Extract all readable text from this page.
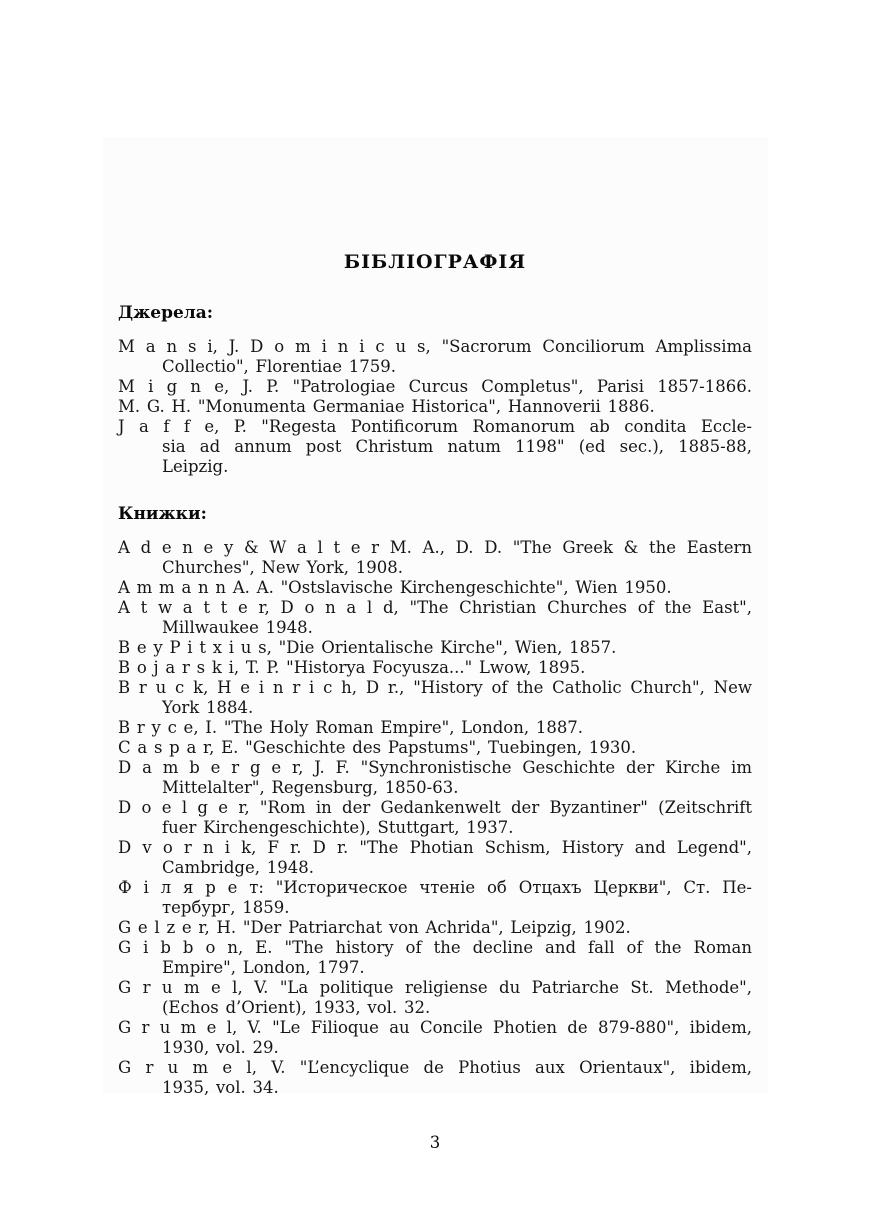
БІБЛІОГРАФІЯ
Джерела:
M a n s i, J. D o m i n i c u s, "Sacrorum Conciliorum Amplissima
Collectio", Florentiae 1759.
M i g n e, J. P. "Patrologiae Curcus Completus", Parisi 1857-1866.
M. G. H. "Monumenta Germaniae Historica", Hannoverii 1886.
J a f f e, P. "Regesta Pontificorum Romanorum ab condita Eccle-
sia ad annum post Christum natum 1198" (ed sec.), 1885-88,
Leipzig.
Книжки:
A d e n e y & W a l t e r M. A., D. D. "The Greek & the Eastern
Churches", New York, 1908.
A m m a n n A. A. "Ostslavische Kirchengeschichte", Wien 1950.
A t w a t t e r, D o n a l d, "The Christian Churches of the East",
Millwaukee 1948.
B e y P i t x i u s, "Die Orientalische Kirche", Wien, 1857.
B o j a r s k i, T. P. "Historya Focyusza..." Lwow, 1895.
B r u c k, H e i n r i c h, D r., "History of the Catholic Church", New
York 1884.
B r y c e, I. "The Holy Roman Empire", London, 1887.
C a s p a r, E. "Geschichte des Papstums", Tuebingen, 1930.
D a m b e r g e r, J. F. "Synchronistische Geschichte der Kirche im
Mittelalter", Regensburg, 1850-63.
D o e l g e r, "Rom in der Gedankenwelt der Byzantiner" (Zeitschrift
fuer Kirchengeschichte), Stuttgart, 1937.
D v o r n i k, F r. D r. "The Photian Schism, History and Legend",
Cambridge, 1948.
Ф і л я р е т: "Историческое чтеніе об Отцахъ Церкви", Ст. Пе-
тербург, 1859.
G e l z e r, H. "Der Patriarchat von Achrida", Leipzig, 1902.
G i b b o n, E. "The history of the decline and fall of the Roman
Empire", London, 1797.
G r u m e l, V. "La politique religiense du Patriarche St. Methode",
(Echos d’Orient), 1933, vol. 32.
G r u m e l, V. "Le Filioque au Concile Photien de 879-880", ibidem,
1930, vol. 29.
G r u m e l, V. "L’encyclique de Photius aux Orientaux", ibidem,
1935, vol. 34.
3
